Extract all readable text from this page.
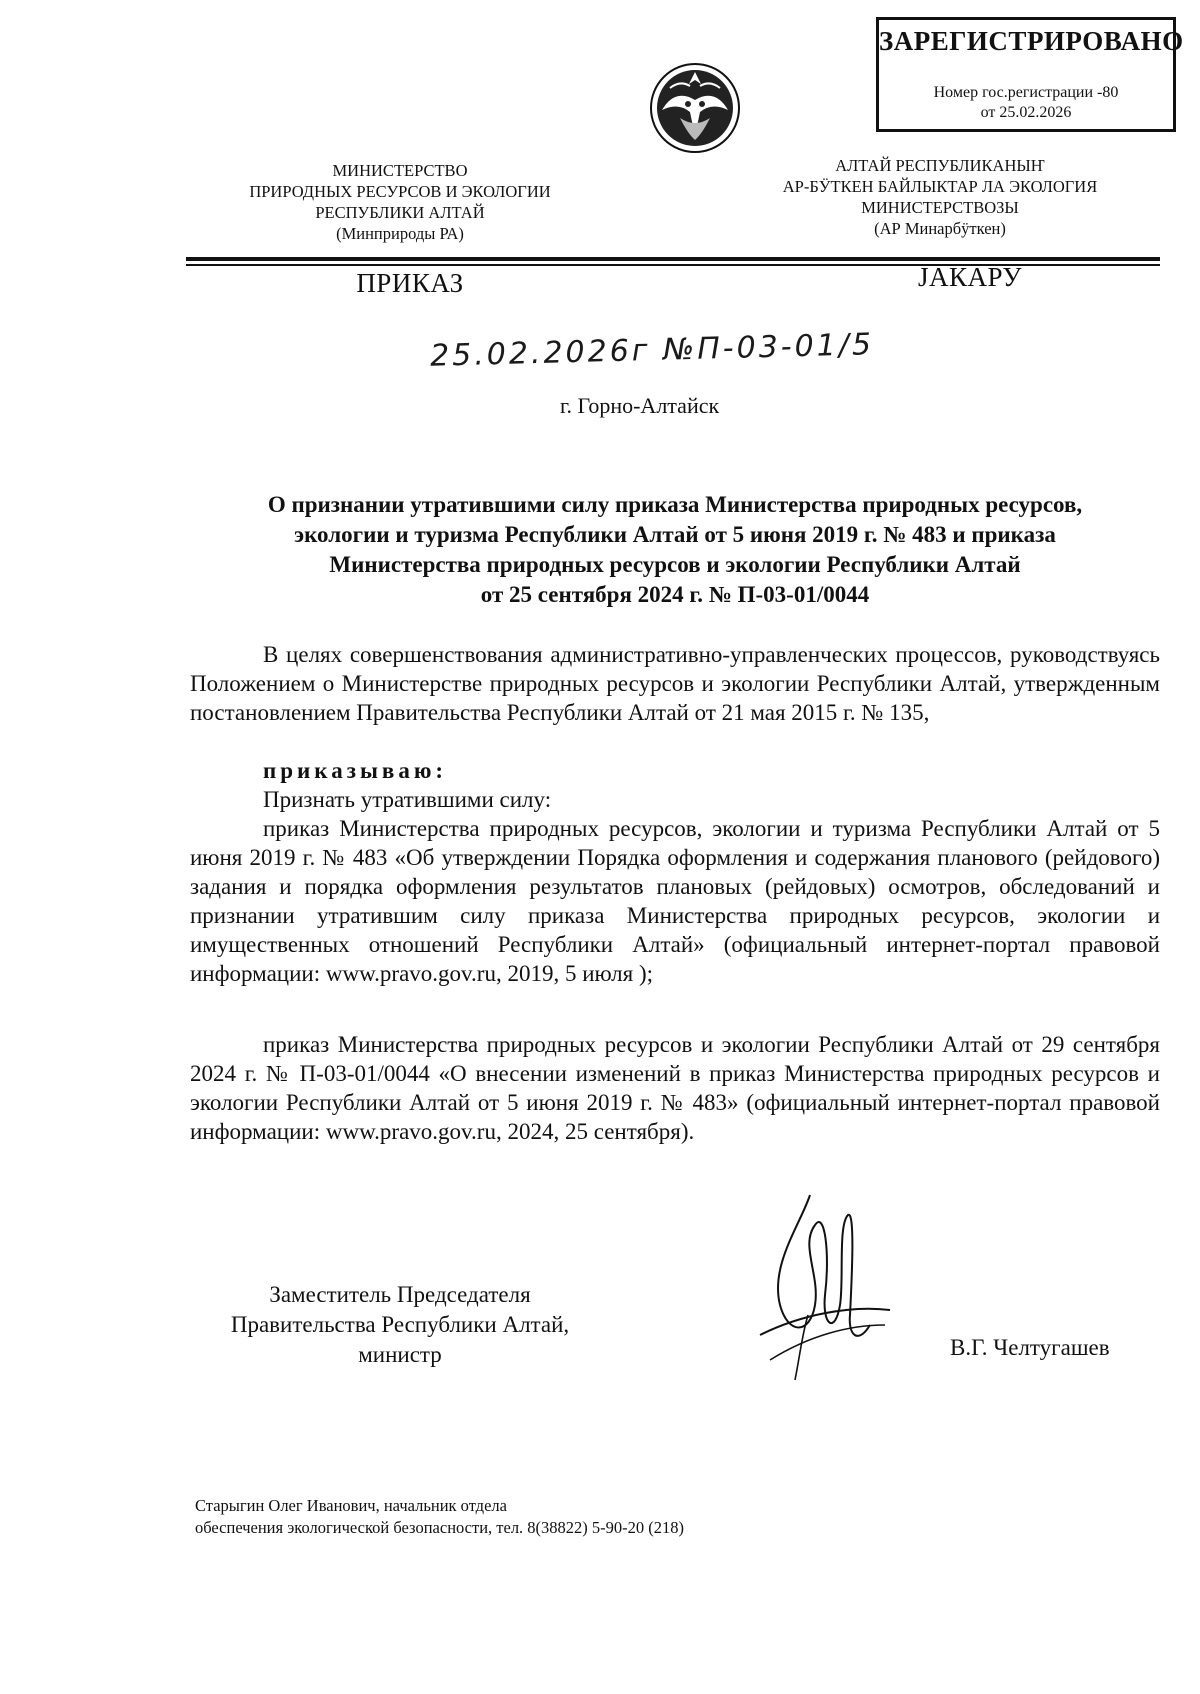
ЗАРЕГИСТРИРОВАНО
Номер гос.регистрации -80
от 25.02.2026
МИНИСТЕРСТВО
ПРИРОДНЫХ РЕСУРСОВ И ЭКОЛОГИИ
РЕСПУБЛИКИ АЛТАЙ
(Минприроды РА)
АЛТАЙ РЕСПУБЛИКАНЫҤ
АР-БӰТКЕН БАЙЛЫКТАР ЛА ЭКОЛОГИЯ
МИНИСТЕРСТВОЗЫ
(АР Минарбӱткен)
ПРИКАЗ	ЈАКАРУ
25.02.2026г №П-03-01/5
г. Горно-Алтайск
О признании утратившими силу приказа Министерства природных ресурсов,
экологии и туризма Республики Алтай от 5 июня 2019 г. № 483 и приказа
Министерства природных ресурсов и экологии Республики Алтай
от 25 сентября 2024 г. № П-03-01/0044
В целях совершенствования административно-управленческих процессов, руководствуясь Положением о Министерстве природных ресурсов и экологии Республики Алтай, утвержденным постановлением Правительства Республики Алтай от 21 мая 2015 г. № 135,
приказываю:
Признать утратившими силу:
приказ Министерства природных ресурсов, экологии и туризма Республики Алтай от 5 июня 2019 г. № 483 «Об утверждении Порядка оформления и содержания планового (рейдового) задания и порядка оформления результатов плановых (рейдовых) осмотров, обследований и признании утратившим силу приказа Министерства природных ресурсов, экологии и имущественных отношений Республики Алтай» (официальный интернет-портал правовой информации: www.pravo.gov.ru, 2019, 5 июля );
приказ Министерства природных ресурсов и экологии Республики Алтай от 29 сентября 2024 г. № П-03-01/0044 «О внесении изменений в приказ Министерства природных ресурсов и экологии Республики Алтай от 5 июня 2019 г. № 483» (официальный интернет-портал правовой информации: www.pravo.gov.ru, 2024, 25 сентября).
Заместитель Председателя
Правительства Республики Алтай,
министр	В.Г. Челтугашев
Старыгин Олег Иванович, начальник отдела
обеспечения экологической безопасности, тел. 8(38822) 5-90-20 (218)
